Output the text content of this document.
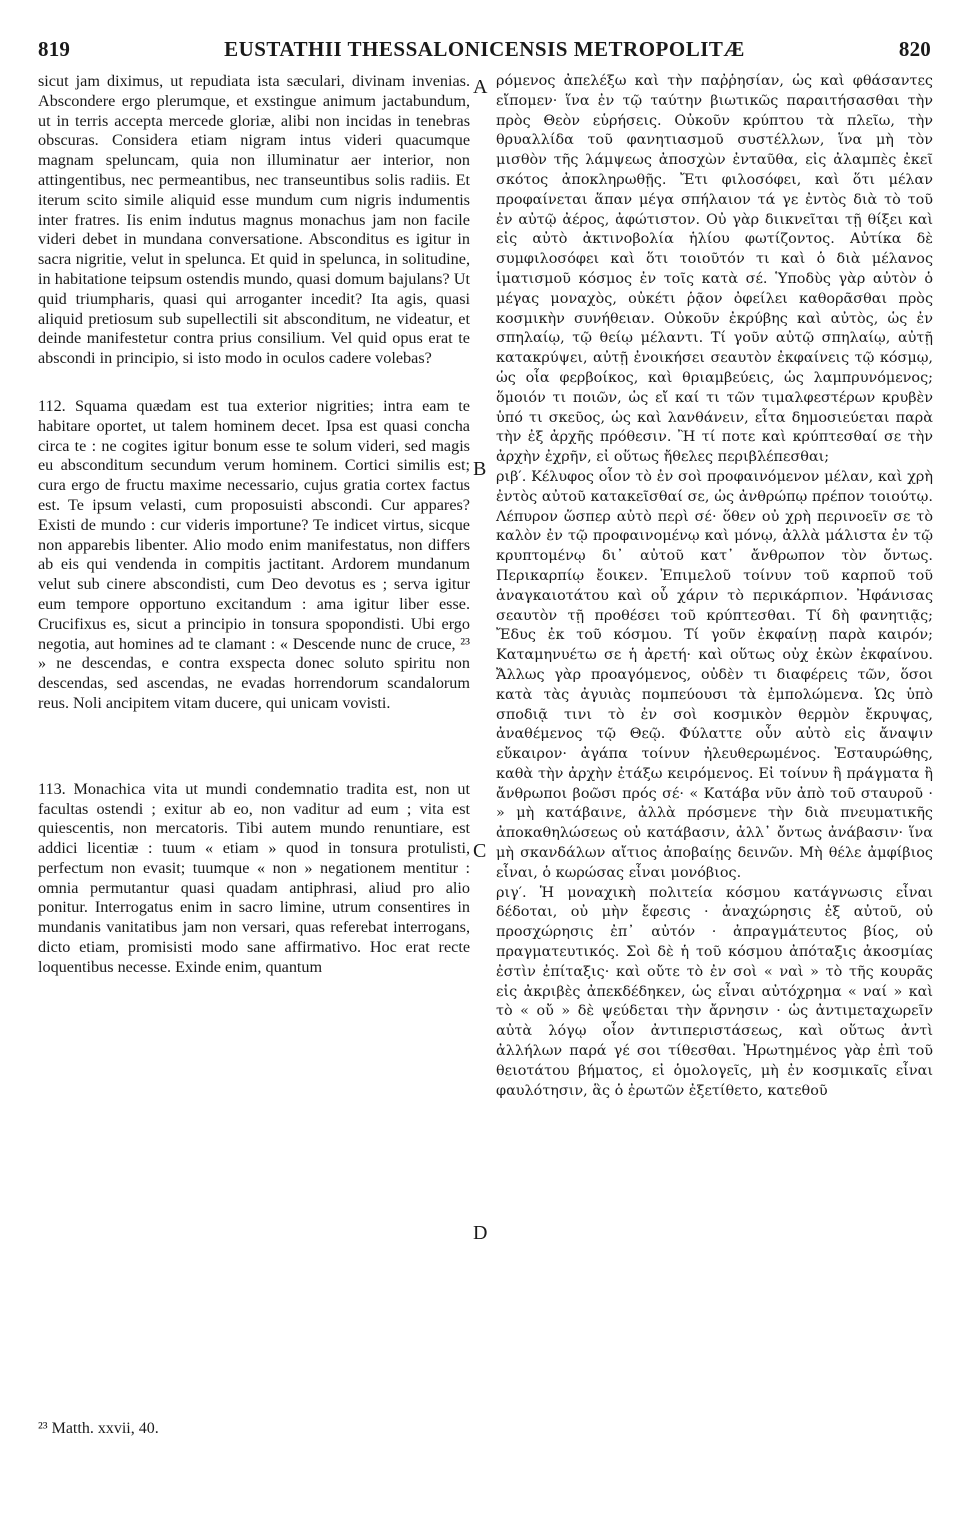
819	EUSTATHII THESSALONICENSIS METROPOLITÆ	820

sicut jam diximus, ut repudiata ista sæculari, divinam invenias. Abscondere ergo plerumque, et exstingue animum jactabundum, ut in terris accepta mercede gloriæ, alibi non incidas in tenebras obscuras. Considera etiam nigram intus videri quacumque magnam speluncam, quia non illuminatur aer interior, non attingentibus, nec permeantibus, nec transeuntibus solis radiis. Et iterum scito simile aliquid esse mundum cum nigris indumentis inter fratres. Iis enim indutus magnus monachus jam non facile videri debet in mundana conversatione. Absconditus es igitur in sacra nigritie, velut in spelunca. Et quid in spelunca, in solitudine, in habitatione teipsum ostendis mundo, quasi domum bajulans? Ut quid triumpharis, quasi qui arroganter incedit? Ita agis, quasi aliquid pretiosum sub supellectili sit absconditum, ne videatur, et deinde manifestetur contra prius consilium. Vel quid opus erat te abscondi in principio, si isto modo in oculos cadere volebas?

112. Squama quædam est tua exterior nigrities; intra eam te habitare oportet, ut talem hominem decet. Ipsa est quasi concha circa te : ne cogites igitur bonum esse te solum videri, sed magis eu absconditum secundum verum hominem. Cortici similis est; cura ergo de fructu maxime necessario, cujus gratia cortex factus est. Te ipsum velasti, cum proposuisti abscondi. Cur appares? Existi de mundo : cur videris importune? Te indicet virtus, sicque non apparebis libenter. Alio modo enim manifestatus, non differs ab eis qui vendenda in compitis jactitant. Ardorem mundanum velut sub cinere abscondisti, cum Deo devotus es ; serva igitur eum tempore opportuno excitandum : ama igitur liber esse. Crucifixus es, sicut a principio in tonsura spopondisti. Ubi ergo negotia, aut homines ad te clamant : « Descende nunc de cruce, ²³ » ne descendas, e contra exspecta donec soluto spiritu non descendas, sed ascendas, ne evadas horrendorum scandalorum reus. Noli ancipitem vitam ducere, qui unicam vovisti.

113. Monachica vita ut mundi condemnatio tradita est, non ut facultas ostendi ; exitur ab eo, non vaditur ad eum ; vita est quiescentis, non mercatoris. Tibi autem mundo renuntiare, est addici licentiæ : tuum « etiam » quod in tonsura protulisti, perfectum non evasit; tuumque « non » negationem mentitur : omnia permutantur quasi quadam antiphrasi, aliud pro alio ponitur. Interrogatus enim in sacro limine, utrum consentires in mundanis vanitatibus jam non versari, quas referebat interrogans, dicto etiam, promisisti modo sane affirmativo. Hoc erat recte loquentibus necesse. Exinde enim, quantum

ρόμενος ἀπελέξω καὶ τὴν παῤῥησίαν, ὡς καὶ φθάσαντες εἴπομεν· ἵνα ἐν τῷ ταύτην βιωτικῶς παραιτήσασθαι τὴν πρὸς Θεὸν εὑρήσεις. Οὐκοῦν κρύπτου τὰ πλεῖω, τὴν θρυαλλίδα τοῦ φανητιασμοῦ συστέλλων, ἵνα μὴ τὸν μισθὸν τῆς λάμψεως ἀποσχὼν ἐνταῦθα, εἰς ἀλαμπὲς ἐκεῖ σκότος ἀποκληρωθῇς. Ἔτι φιλοσόφει, καὶ ὅτι μέλαν προφαίνεται ἅπαν μέγα σπήλαιον τά γε ἐντὸς διὰ τὸ τοῦ ἐν αὐτῷ ἀέρος, ἀφώτιστον. Οὐ γὰρ διικνεῖται τῇ θίξει καὶ εἰς αὐτὸ ἀκτινοβολία ἡλίου φωτίζοντος. Αὐτίκα δὲ συμφιλοσόφει καὶ ὅτι τοιοῦτόν τι καὶ ὁ διὰ μέλανος ἱματισμοῦ κόσμος ἐν τοῖς κατὰ σέ. Ὑποδὺς γὰρ αὐτὸν ὁ μέγας μοναχὸς, οὐκέτι ῥᾷον ὀφείλει καθορᾶσθαι πρὸς κοσμικὴν συνήθειαν. Οὐκοῦν ἐκρύβης καὶ αὐτὸς, ὡς ἐν σπηλαίῳ, τῷ θείῳ μέλαντι. Τί γοῦν αὐτῷ σπηλαίῳ, αὐτῇ κατακρύψει, αὐτῇ ἐνοικήσει σεαυτὸν ἐκφαίνεις τῷ κόσμῳ, ὡς οἷα φερβοίκος, καὶ θριαμβεύεις, ὡς λαμπρυνόμενος; ὅμοιόν τι ποιῶν, ὡς εἴ καί τι τῶν τιμαλφεστέρων κρυβὲν ὑπό τι σκεῦος, ὡς καὶ λανθάνειν, εἶτα δημοσιεύεται παρὰ τὴν ἐξ ἀρχῆς πρόθεσιν. Ἢ τί ποτε καὶ κρύπτεσθαί σε τὴν ἀρχὴν ἐχρῆν, εἰ οὕτως ἤθελες περιβλέπεσθαι;

ριβ′. Κέλυφος οἷον τὸ ἐν σοὶ προφαινόμενον μέλαν, καὶ χρὴ ἐντὸς αὐτοῦ κατακεῖσθαί σε, ὡς ἀνθρώπῳ πρέπον τοιούτῳ. Λέπυρον ὥσπερ αὐτὸ περὶ σέ· ὅθεν οὐ χρὴ περινοεῖν σε τὸ καλὸν ἐν τῷ προφαινομένῳ καὶ μόνῳ, ἀλλὰ μάλιστα ἐν τῷ κρυπτομένῳ δι᾽ αὐτοῦ κατ᾽ ἄνθρωπον τὸν ὄντως. Περικαρπίῳ ἔοικεν. Ἐπιμελοῦ τοίνυν τοῦ καρποῦ τοῦ ἀναγκαιοτάτου καὶ οὗ χάριν τὸ περικάρπιον. Ἠφάνισας σεαυτὸν τῇ προθέσει τοῦ κρύπτεσθαι. Τί δὴ φανητιᾷς; Ἔδυς ἐκ τοῦ κόσμου. Τί γοῦν ἐκφαίνῃ παρὰ καιρόν; Καταμηνυέτω σε ἡ ἀρετή· καὶ οὕτως οὐχ ἑκὼν ἐκφαίνου. Ἄλλως γὰρ προαγόμενος, οὐδὲν τι διαφέρεις τῶν, ὅσοι κατὰ τὰς ἀγυιὰς πομπεύουσι τὰ ἐμπολώμενα. Ὡς ὑπὸ σποδιᾷ τινι τὸ ἐν σοὶ κοσμικὸν θερμὸν ἔκρυψας, ἀναθέμενος τῷ Θεῷ. Φύλαττε οὖν αὐτὸ εἰς ἄναψιν εὔκαιρον· ἀγάπα τοίνυν ἠλευθερωμένος. Ἐσταυρώθης, καθὰ τὴν ἀρχὴν ἐτάξω κειρόμενος. Εἰ τοίνυν ἢ πράγματα ἢ ἄνθρωποι βοῶσι πρός σέ· « Κατάβα νῦν ἀπὸ τοῦ σταυροῦ · » μὴ κατάβαινε, ἀλλὰ πρόσμενε τὴν διὰ πνευματικῆς ἀποκαθηλώσεως οὐ κατάβασιν, ἀλλ᾽ ὄντως ἀνάβασιν· ἵνα μὴ σκανδάλων αἴτιος ἀποβαίῃς δεινῶν. Μὴ θέλε ἀμφίβιος εἶναι, ὁ κωρώσας εἶναι μονόβιος.

ριγ′. Ἡ μοναχικὴ πολιτεία κόσμου κατάγνωσις εἶναι δέδοται, οὐ μὴν ἔφεσις · ἀναχώρησις ἐξ αὐτοῦ, οὐ προσχώρησις ἐπ᾽ αὐτόν · ἀπραγμάτευτος βίος, οὐ πραγματευτικός. Σοὶ δὲ ἡ τοῦ κόσμου ἀπόταξις ἀκοσμίας ἐστὶν ἐπίταξις· καὶ οὔτε τὸ ἐν σοὶ « ναὶ » τὸ τῆς κουρᾶς εἰς ἀκριβὲς ἀπεκδέδηκεν, ὡς εἶναι αὐτόχρημα « ναί » καὶ τὸ « οὔ » δὲ ψεύδεται τὴν ἄρνησιν · ὡς ἀντιμεταχωρεῖν αὐτὰ λόγῳ οἷον ἀντιπεριστάσεως, καὶ οὕτως ἀντὶ ἀλλήλων παρά γέ σοι τίθεσθαι. Ἠρωτημένος γὰρ ἐπὶ τοῦ θειοτάτου βήματος, εἰ ὁμολογεῖς, μὴ ἐν κοσμικαῖς εἶναι φαυλότησιν, ἃς ὁ ἐρωτῶν ἐξετίθετο, κατεθοῦ

A
B
C
D
²³ Matth. xxvii, 40.
